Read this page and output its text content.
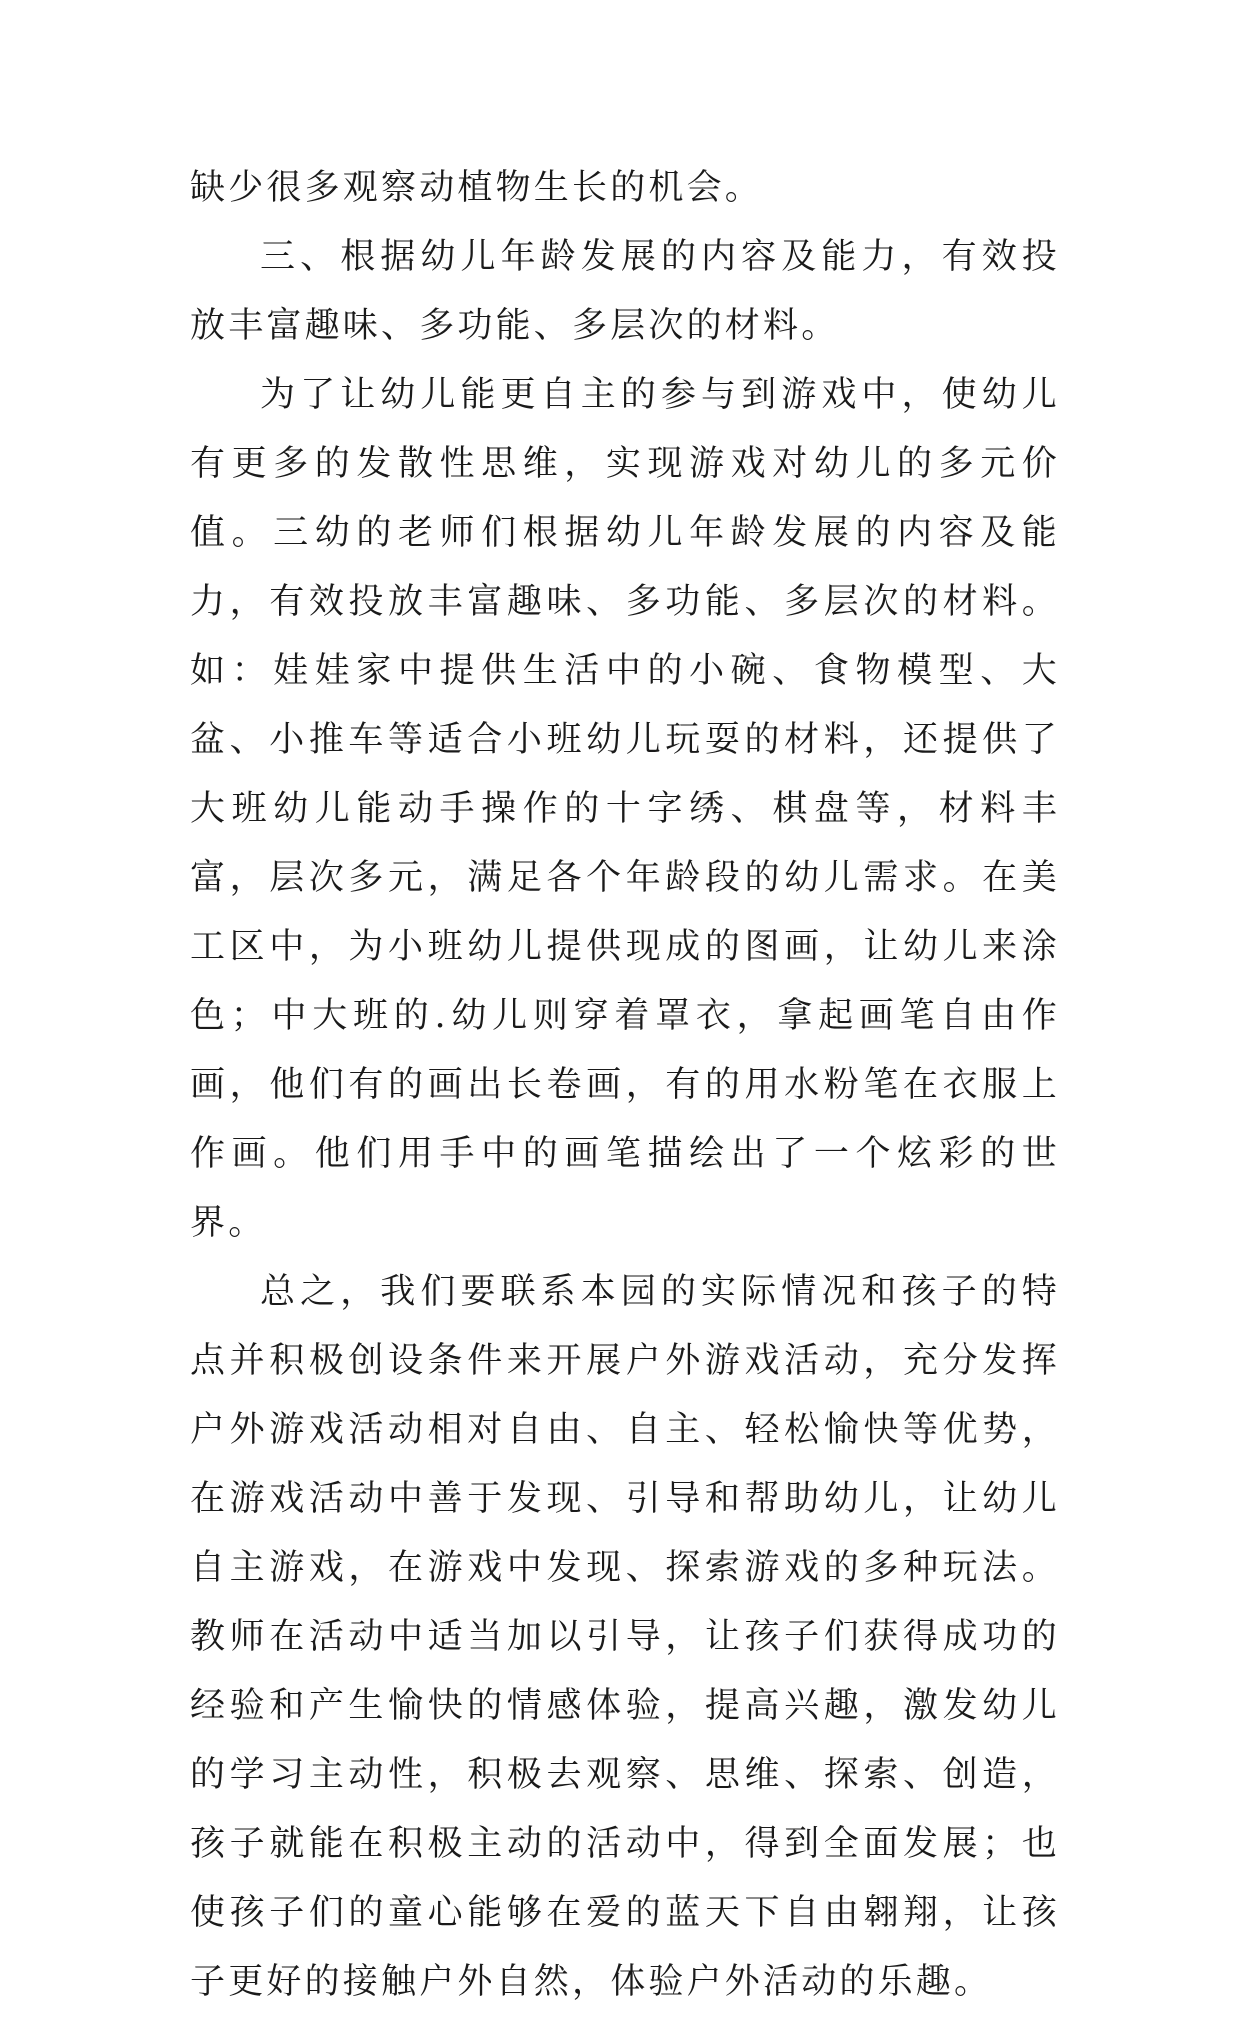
缺少很多观察动植物生长的机会。

三、根据幼儿年龄发展的内容及能力，有效投放丰富趣味、多功能、多层次的材料。

为了让幼儿能更自主的参与到游戏中，使幼儿有更多的发散性思维，实现游戏对幼儿的多元价值。三幼的老师们根据幼儿年龄发展的内容及能力，有效投放丰富趣味、多功能、多层次的材料。如：娃娃家中提供生活中的小碗、食物模型、大盆、小推车等适合小班幼儿玩耍的材料，还提供了大班幼儿能动手操作的十字绣、棋盘等，材料丰富，层次多元，满足各个年龄段的幼儿需求。在美工区中，为小班幼儿提供现成的图画，让幼儿来涂色；中大班的.幼儿则穿着罩衣，拿起画笔自由作画，他们有的画出长卷画，有的用水粉笔在衣服上作画。他们用手中的画笔描绘出了一个炫彩的世界。

总之，我们要联系本园的实际情况和孩子的特点并积极创设条件来开展户外游戏活动，充分发挥户外游戏活动相对自由、自主、轻松愉快等优势，在游戏活动中善于发现、引导和帮助幼儿，让幼儿自主游戏，在游戏中发现、探索游戏的多种玩法。教师在活动中适当加以引导，让孩子们获得成功的经验和产生愉快的情感体验，提高兴趣，激发幼儿的学习主动性，积极去观察、思维、探索、创造，孩子就能在积极主动的活动中，得到全面发展；也使孩子们的童心能够在爱的蓝天下自由翱翔，让孩子更好的接触户外自然，体验户外活动的乐趣。
